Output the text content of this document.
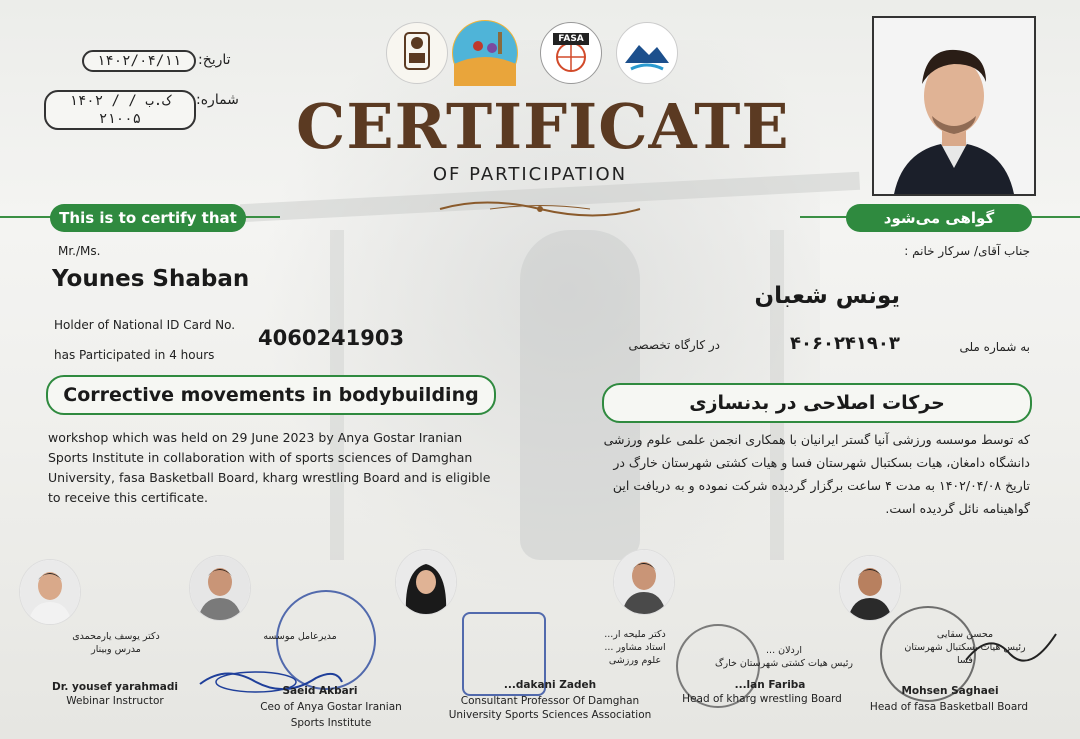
تاریخ:
۱۴۰۲/۰۴/۱۱
شماره:
۱۴۰۲ / ک.ب / ۲۱۰۰۵
FASA
CERTIFICATE
OF PARTICIPATION
This is to certify that	گواهی می‌شود
Mr./Ms.	جناب آقای/ سرکار خانم :
Younes Shaban
یونس شعبان
Holder of National ID Card No.
4060241903
has Participated in 4 hours
در کارگاه تخصصی	۴۰۶۰۲۴۱۹۰۳	به شماره ملی
Corrective movements in bodybuilding	حرکات اصلاحی در بدنسازی

workshop which was held on 29 June 2023 by Anya Gostar Iranian Sports Institute in collaboration with of sports sciences of Damghan University, fasa Basketball Board, kharg wrestling Board and is eligible to receive this certificate.

که توسط موسسه ورزشی آنیا گستر ایرانیان با همکاری انجمن علمی علوم ورزشی دانشگاه دامغان، هیات بسکتبال شهرستان فسا و هیات کشتی شهرستان خارگ در تاریخ ۱۴۰۲/۰۴/۰۸ به مدت ۴ ساعت برگزار گردیده شرکت نموده و به دریافت این گواهینامه نائل گردیده است.

دکتر یوسف یارمحمدی
مدرس وبینار
Dr. yousef yarahmadi
Webinar Instructor
مدیرعامل موسسه
Saeid Akbari
Ceo of Anya Gostar Iranian
Sports Institute
دکتر ملیحه ار...
استاد مشاور ...
علوم ورزشی
...dakani Zadeh
Consultant Professor Of Damghan
University Sports Sciences Association
اردلان ...
رئیس هیات کشتی شهرستان خارگ
...lan Fariba
Head of kharg wrestling Board
محسن سقایی
رئیس هیات بسکتبال شهرستان فسا
Mohsen Saghaei
Head of fasa Basketball Board
